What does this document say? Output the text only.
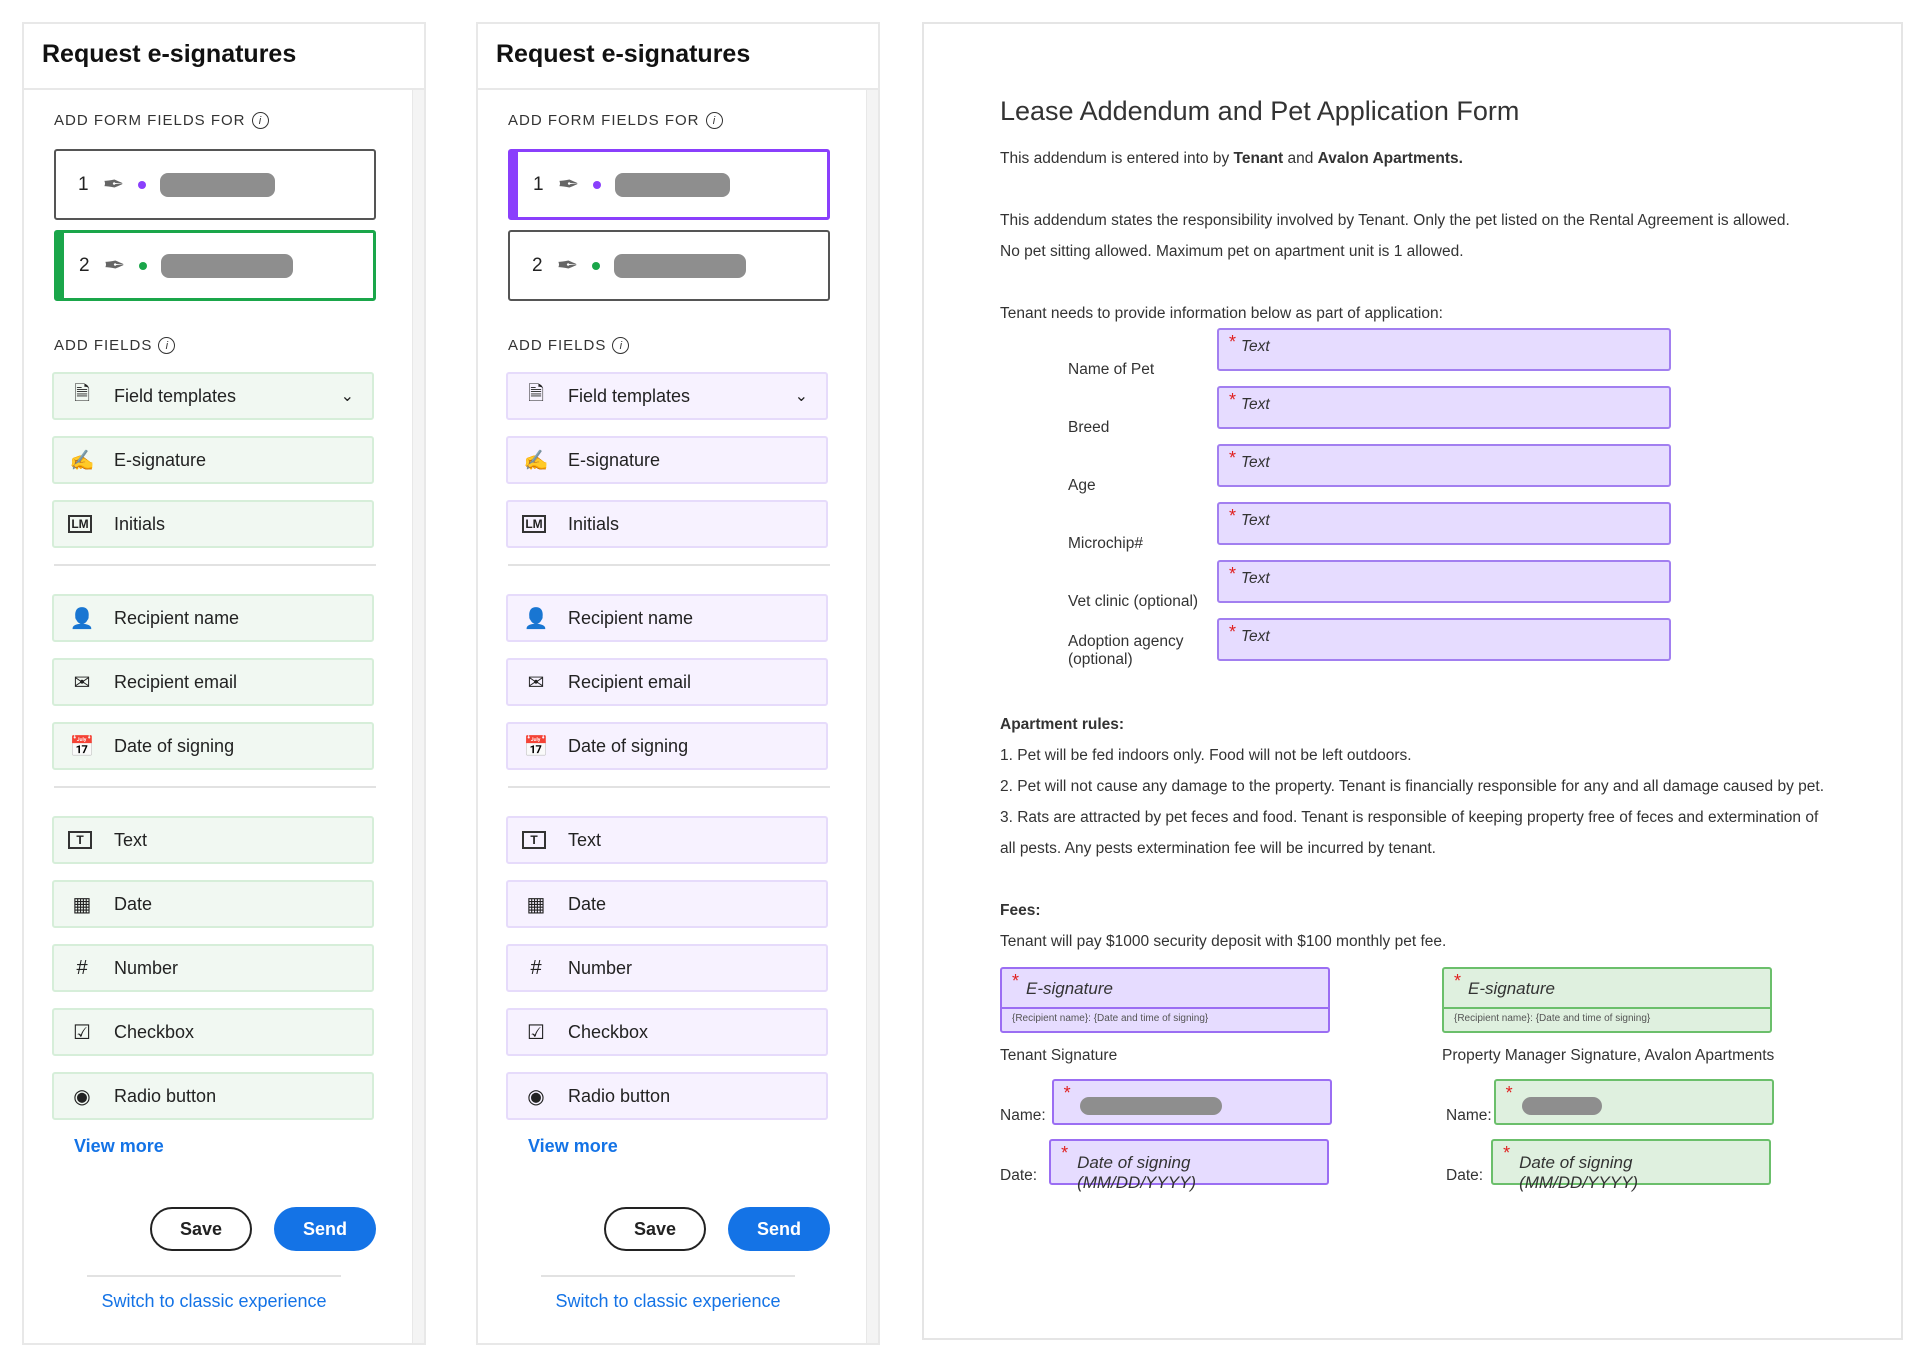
Request e-signatures
ADD FORM FIELDS FOR	i
1 ✒
2 ✒
ADD FIELDS	i
🗎	Field templates	⌄
✍ E-signature
LM Initials
👤 Recipient name
✉	Recipient email
📅 Date of signing
T	Text
▦ Date
#	Number
☑ Checkbox
◉ Radio button
View more
Save	Send
Switch to classic experience
Request e-signatures
ADD FORM FIELDS FOR	i
1 ✒
2 ✒
ADD FIELDS	i
🗎	Field templates	⌄
✍ E-signature
LM Initials
👤 Recipient name
✉	Recipient email
📅 Date of signing
T	Text
▦ Date
#	Number
☑ Checkbox
◉ Radio button
View more
Save	Send
Switch to classic experience
Lease Addendum and Pet Application Form

This addendum is entered into by Tenant and Avalon Apartments.

This addendum states the responsibility involved by Tenant. Only the pet listed on the Rental Agreement is allowed.

No pet sitting allowed. Maximum pet on apartment unit is 1 allowed.

Tenant needs to provide information below as part of application:

Name of Pet
* Text
Breed
* Text
Age
* Text
Microchip#
* Text
Vet clinic (optional)
* Text
Adoption agency (optional)
* Text

Apartment rules:

1. Pet will be fed indoors only. Food will not be left outdoors.

2. Pet will not cause any damage to the property. Tenant is financially responsible for any and all damage caused by pet.

3. Rats are attracted by pet feces and food. Tenant is responsible of keeping property free of feces and extermination of

all pests. Any pests extermination fee will be incurred by tenant.

Fees:

Tenant will pay $1000 security deposit with $100 monthly pet fee.

* E-signature
{Recipient name}: {Date and time of signing}
Tenant Signature
Name:
*
Date:
* Date of signing (MM/DD/YYYY)
* E-signature
{Recipient name}: {Date and time of signing}
Property Manager Signature, Avalon Apartments
Name:
*
Date:
* Date of signing (MM/DD/YYYY)
